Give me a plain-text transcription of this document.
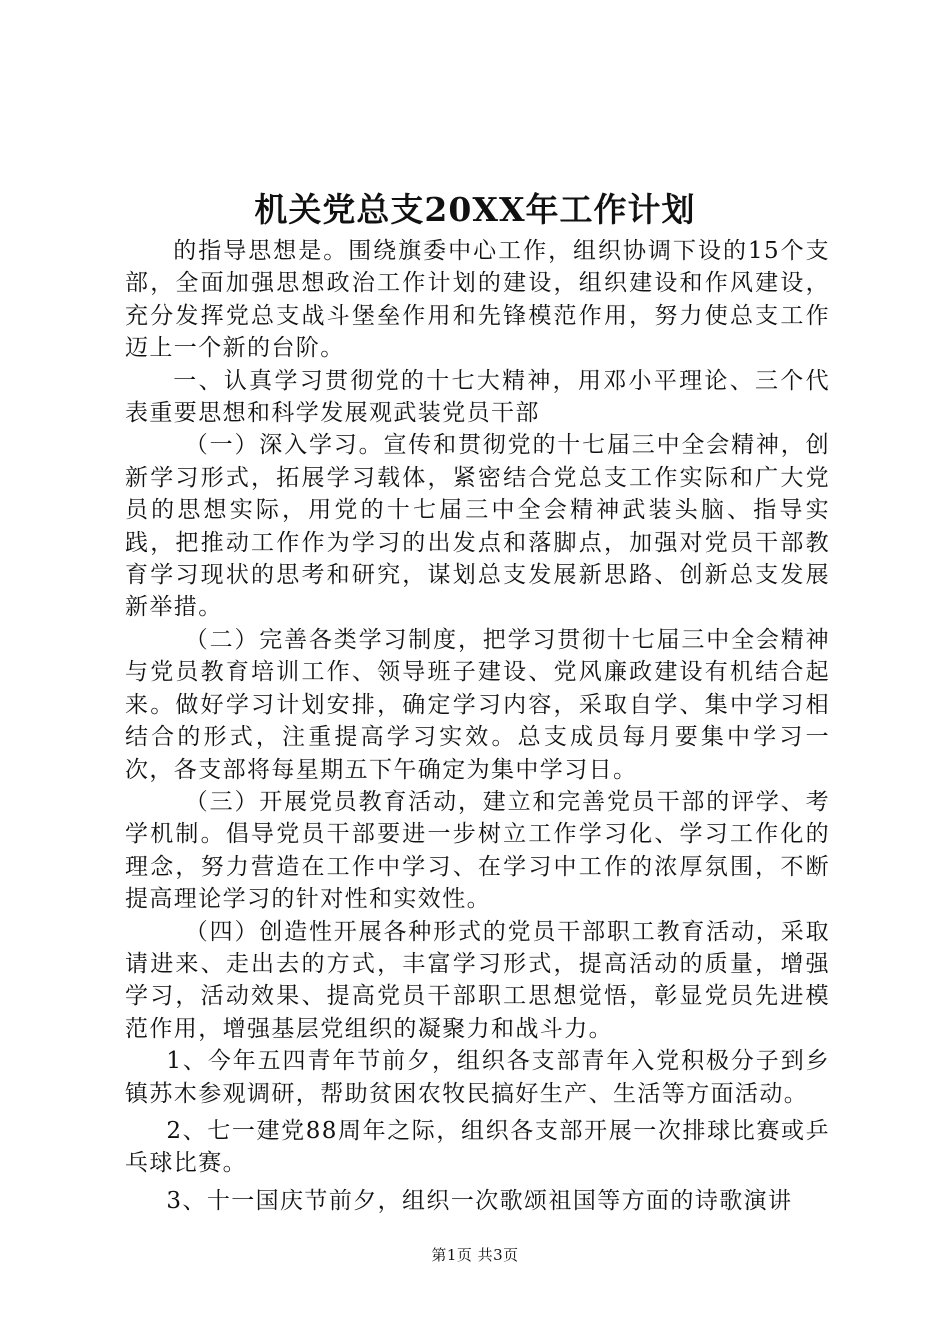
机关党总支20XX年工作计划

的指导思想是。围绕旗委中心工作，组织协调下设的15个支部，全面加强思想政治工作计划的建设，组织建设和作风建设，充分发挥党总支战斗堡垒作用和先锋模范作用，努力使总支工作迈上一个新的台阶。

一、认真学习贯彻党的十七大精神，用邓小平理论、三个代表重要思想和科学发展观武装党员干部

（一）深入学习。宣传和贯彻党的十七届三中全会精神，创新学习形式，拓展学习载体，紧密结合党总支工作实际和广大党员的思想实际，用党的十七届三中全会精神武装头脑、指导实践，把推动工作作为学习的出发点和落脚点，加强对党员干部教育学习现状的思考和研究，谋划总支发展新思路、创新总支发展新举措。

（二）完善各类学习制度，把学习贯彻十七届三中全会精神与党员教育培训工作、领导班子建设、党风廉政建设有机结合起来。做好学习计划安排，确定学习内容，采取自学、集中学习相结合的形式，注重提高学习实效。总支成员每月要集中学习一次，各支部将每星期五下午确定为集中学习日。

（三）开展党员教育活动，建立和完善党员干部的评学、考学机制。倡导党员干部要进一步树立工作学习化、学习工作化的理念，努力营造在工作中学习、在学习中工作的浓厚氛围，不断提高理论学习的针对性和实效性。

（四）创造性开展各种形式的党员干部职工教育活动，采取请进来、走出去的方式，丰富学习形式，提高活动的质量，增强学习，活动效果、提高党员干部职工思想觉悟，彰显党员先进模范作用，增强基层党组织的凝聚力和战斗力。

1、今年五四青年节前夕，组织各支部青年入党积极分子到乡镇苏木参观调研，帮助贫困农牧民搞好生产、生活等方面活动。

2、七一建党88周年之际，组织各支部开展一次排球比赛或乒乓球比赛。

3、十一国庆节前夕，组织一次歌颂祖国等方面的诗歌演讲

第1页 共3页
